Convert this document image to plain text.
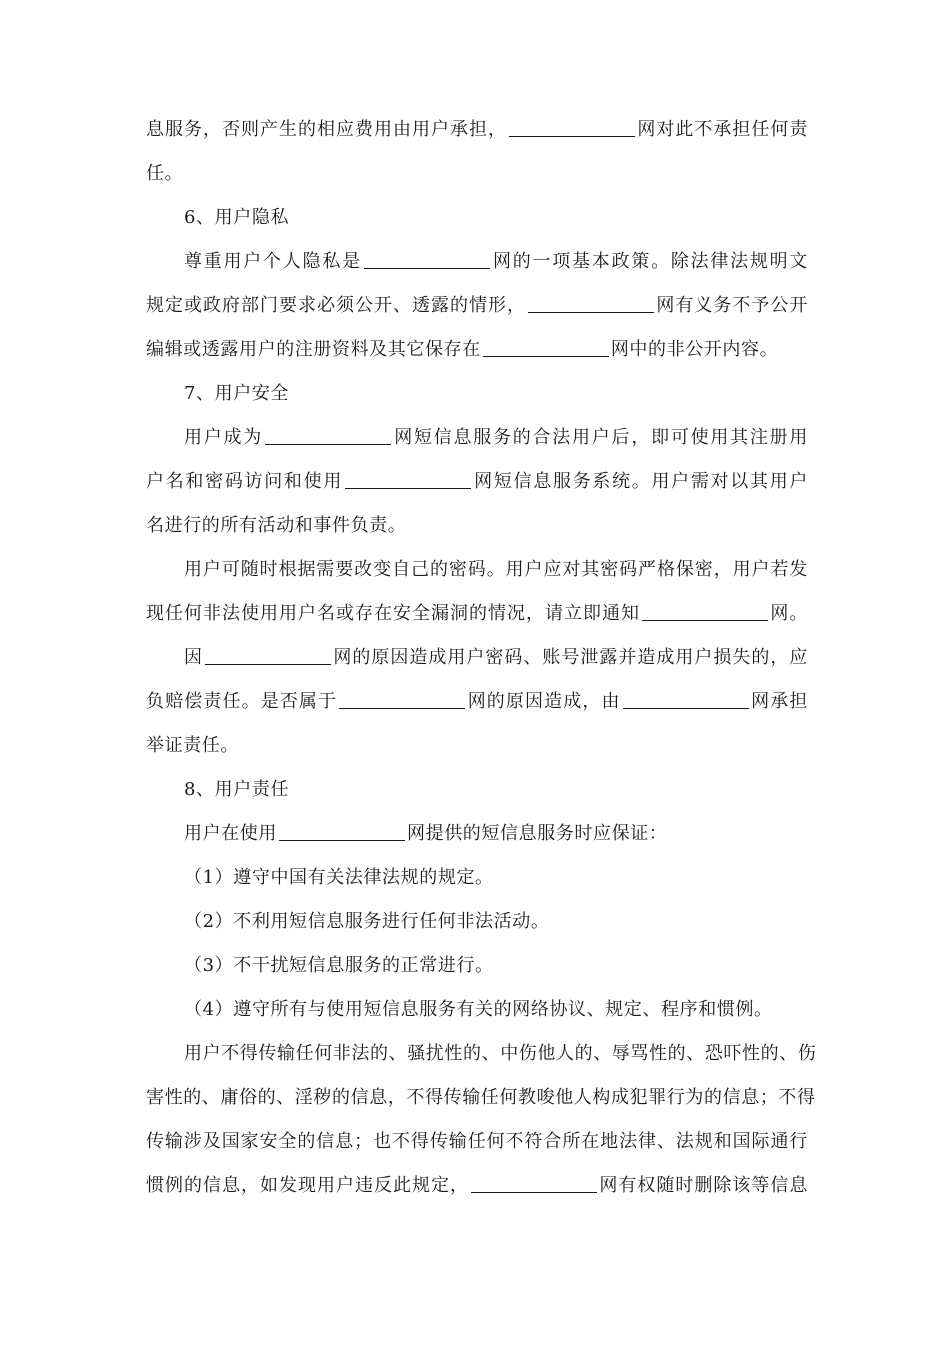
息服务，否则产生的相应费用由用户承担，	网对此不承担任何责
任。
6、用户隐私
尊重用户个人隐私是	网的一项基本政策。除法律法规明文
规定或政府部门要求必须公开、透露的情形，	网有义务不予公开
编辑或透露用户的注册资料及其它保存在	网中的非公开内容。
7、用户安全
用户成为	网短信息服务的合法用户后，即可使用其注册用
户名和密码访问和使用	网短信息服务系统。用户需对以其用户
名进行的所有活动和事件负责。
用户可随时根据需要改变自己的密码。用户应对其密码严格保密，用户若发
现任何非法使用用户名或存在安全漏洞的情况，请立即通知	网。
因	网的原因造成用户密码、账号泄露并造成用户损失的，应
负赔偿责任。是否属于	网的原因造成，由	网承担
举证责任。
8、用户责任
用户在使用	网提供的短信息服务时应保证：
（1）遵守中国有关法律法规的规定。
（2）不利用短信息服务进行任何非法活动。
（3）不干扰短信息服务的正常进行。
（4）遵守所有与使用短信息服务有关的网络协议、规定、程序和惯例。
用户不得传输任何非法的、骚扰性的、中伤他人的、辱骂性的、恐吓性的、伤
害性的、庸俗的、淫秽的信息，不得传输任何教唆他人构成犯罪行为的信息；不得
传输涉及国家安全的信息；也不得传输任何不符合所在地法律、法规和国际通行
惯例的信息，如发现用户违反此规定，	网有权随时删除该等信息
